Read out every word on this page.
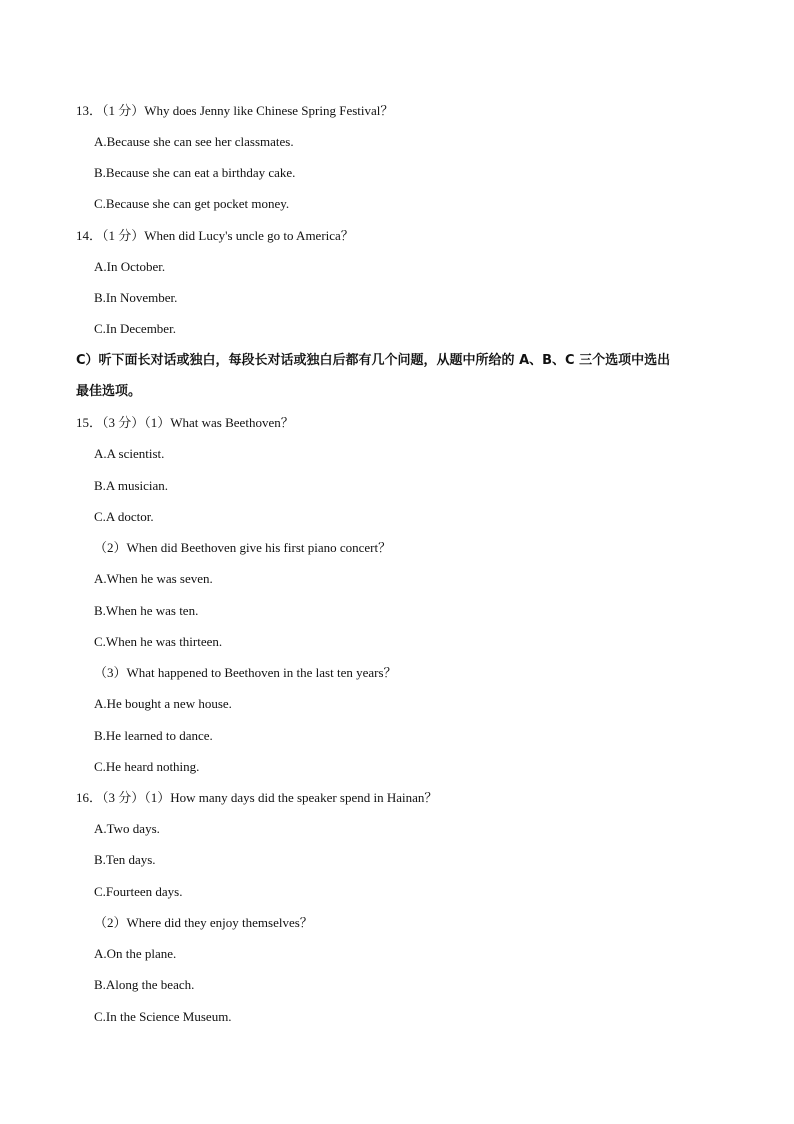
13．（1 分）Why does Jenny like Chinese Spring Festival？
A.Because she can see her classmates.
B.Because she can eat a birthday cake.
C.Because she can get pocket money.
14．（1 分）When did Lucy's uncle go to America？
A.In October.
B.In November.
C.In December.
C）听下面长对话或独白，每段长对话或独白后都有几个问题，从题中所给的 A、B、C 三个选项中选出
最佳选项。
15．（3 分）（1）What was Beethoven？
A.A scientist.
B.A musician.
C.A doctor.
（2）When did Beethoven give his first piano concert？
A.When he was seven.
B.When he was ten.
C.When he was thirteen.
（3）What happened to Beethoven in the last ten years？
A.He bought a new house.
B.He learned to dance.
C.He heard nothing.
16．（3 分）（1）How many days did the speaker spend in Hainan？
A.Two days.
B.Ten days.
C.Fourteen days.
（2）Where did they enjoy themselves？
A.On the plane.
B.Along the beach.
C.In the Science Museum.
